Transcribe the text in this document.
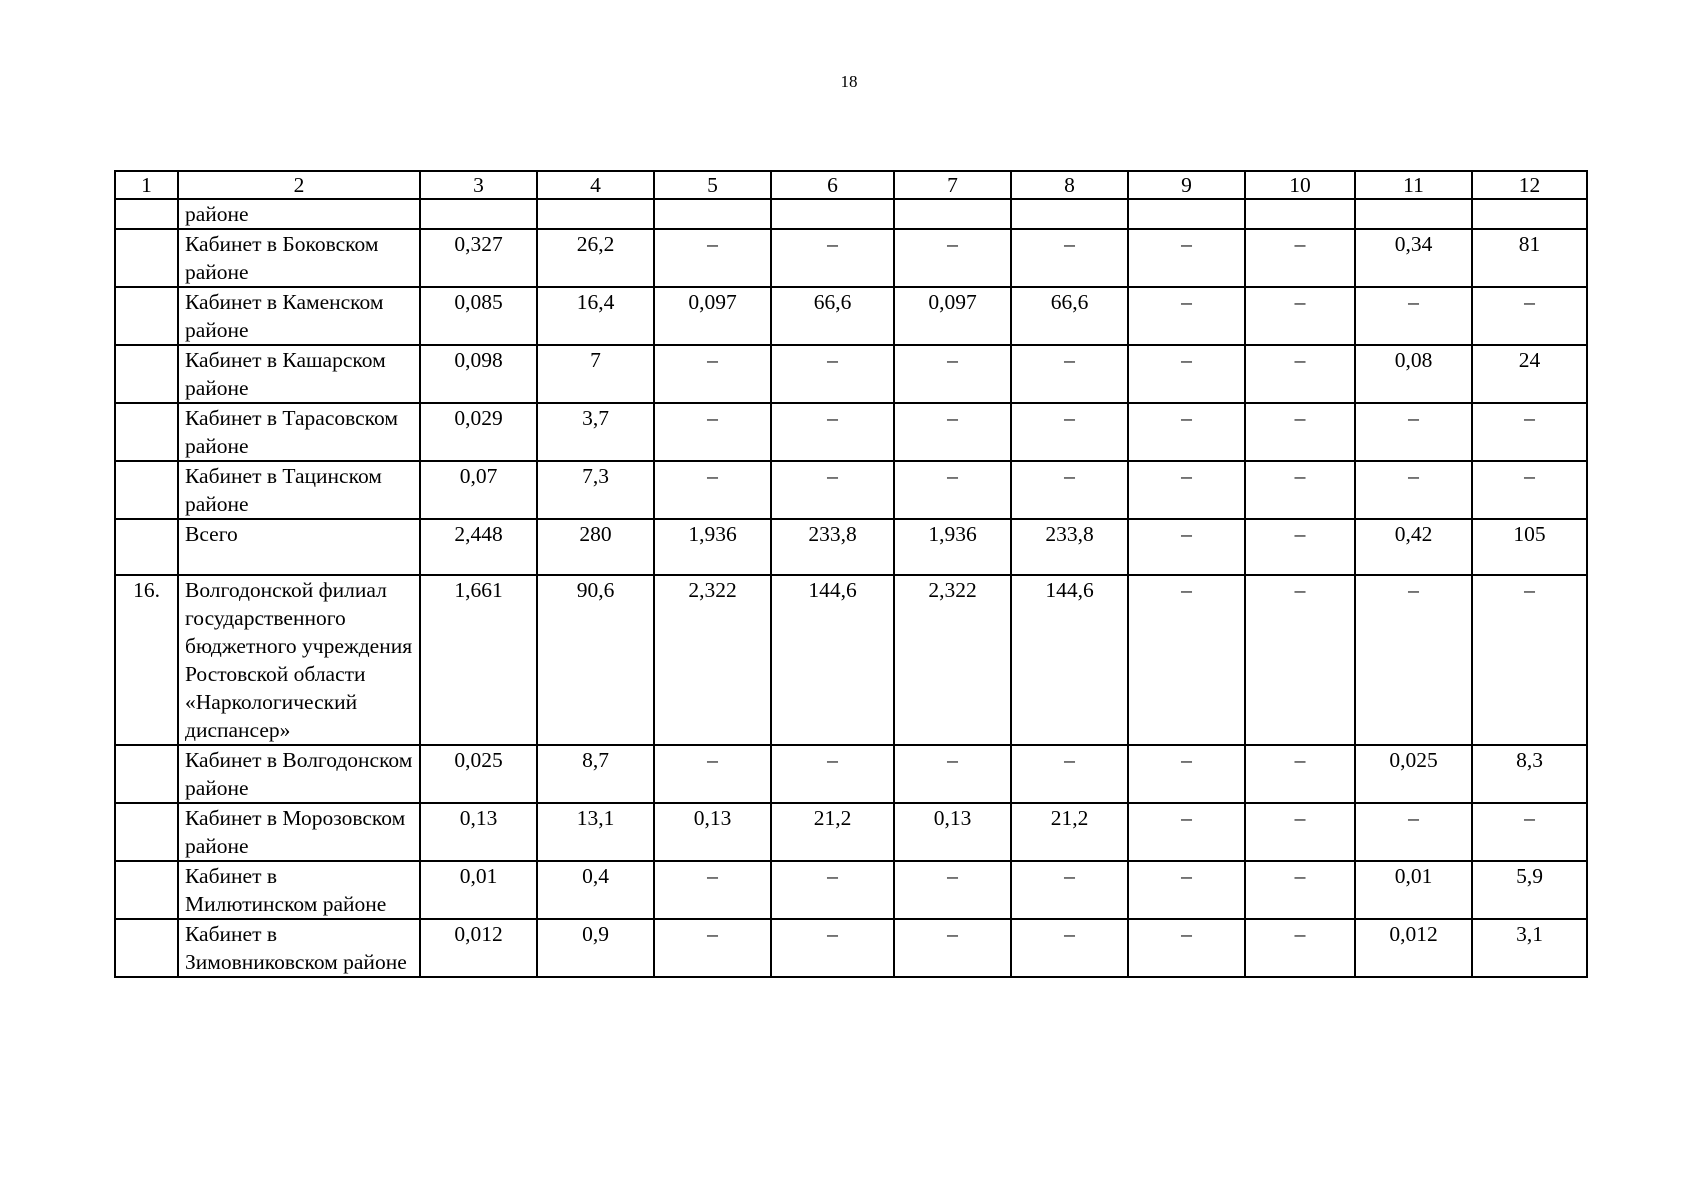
18
1	2	3	4	5	6	7	8	9	10	11	12
	районе										
	Кабинет в Боковском районе	0,327	26,2	–	–	–	–	–	–	0,34	81
	Кабинет в Каменском районе	0,085	16,4	0,097	66,6	0,097	66,6	–	–	–	–
	Кабинет в Кашарском районе	0,098	7	–	–	–	–	–	–	0,08	24
	Кабинет в Тарасовском районе	0,029	3,7	–	–	–	–	–	–	–	–
	Кабинет в Тацинском районе	0,07	7,3	–	–	–	–	–	–	–	–
	Всего	2,448	280	1,936	233,8	1,936	233,8	–	–	0,42	105
16.	Волгодонской филиал государственного бюджетного учреждения Ростовской области «Наркологический диспансер»	1,661	90,6	2,322	144,6	2,322	144,6	–	–	–	–
	Кабинет в Волгодонском районе	0,025	8,7	–	–	–	–	–	–	0,025	8,3
	Кабинет в Морозовском районе	0,13	13,1	0,13	21,2	0,13	21,2	–	–	–	–
	Кабинет в Милютинском районе	0,01	0,4	–	–	–	–	–	–	0,01	5,9
	Кабинет в Зимовниковском районе	0,012	0,9	–	–	–	–	–	–	0,012	3,1
